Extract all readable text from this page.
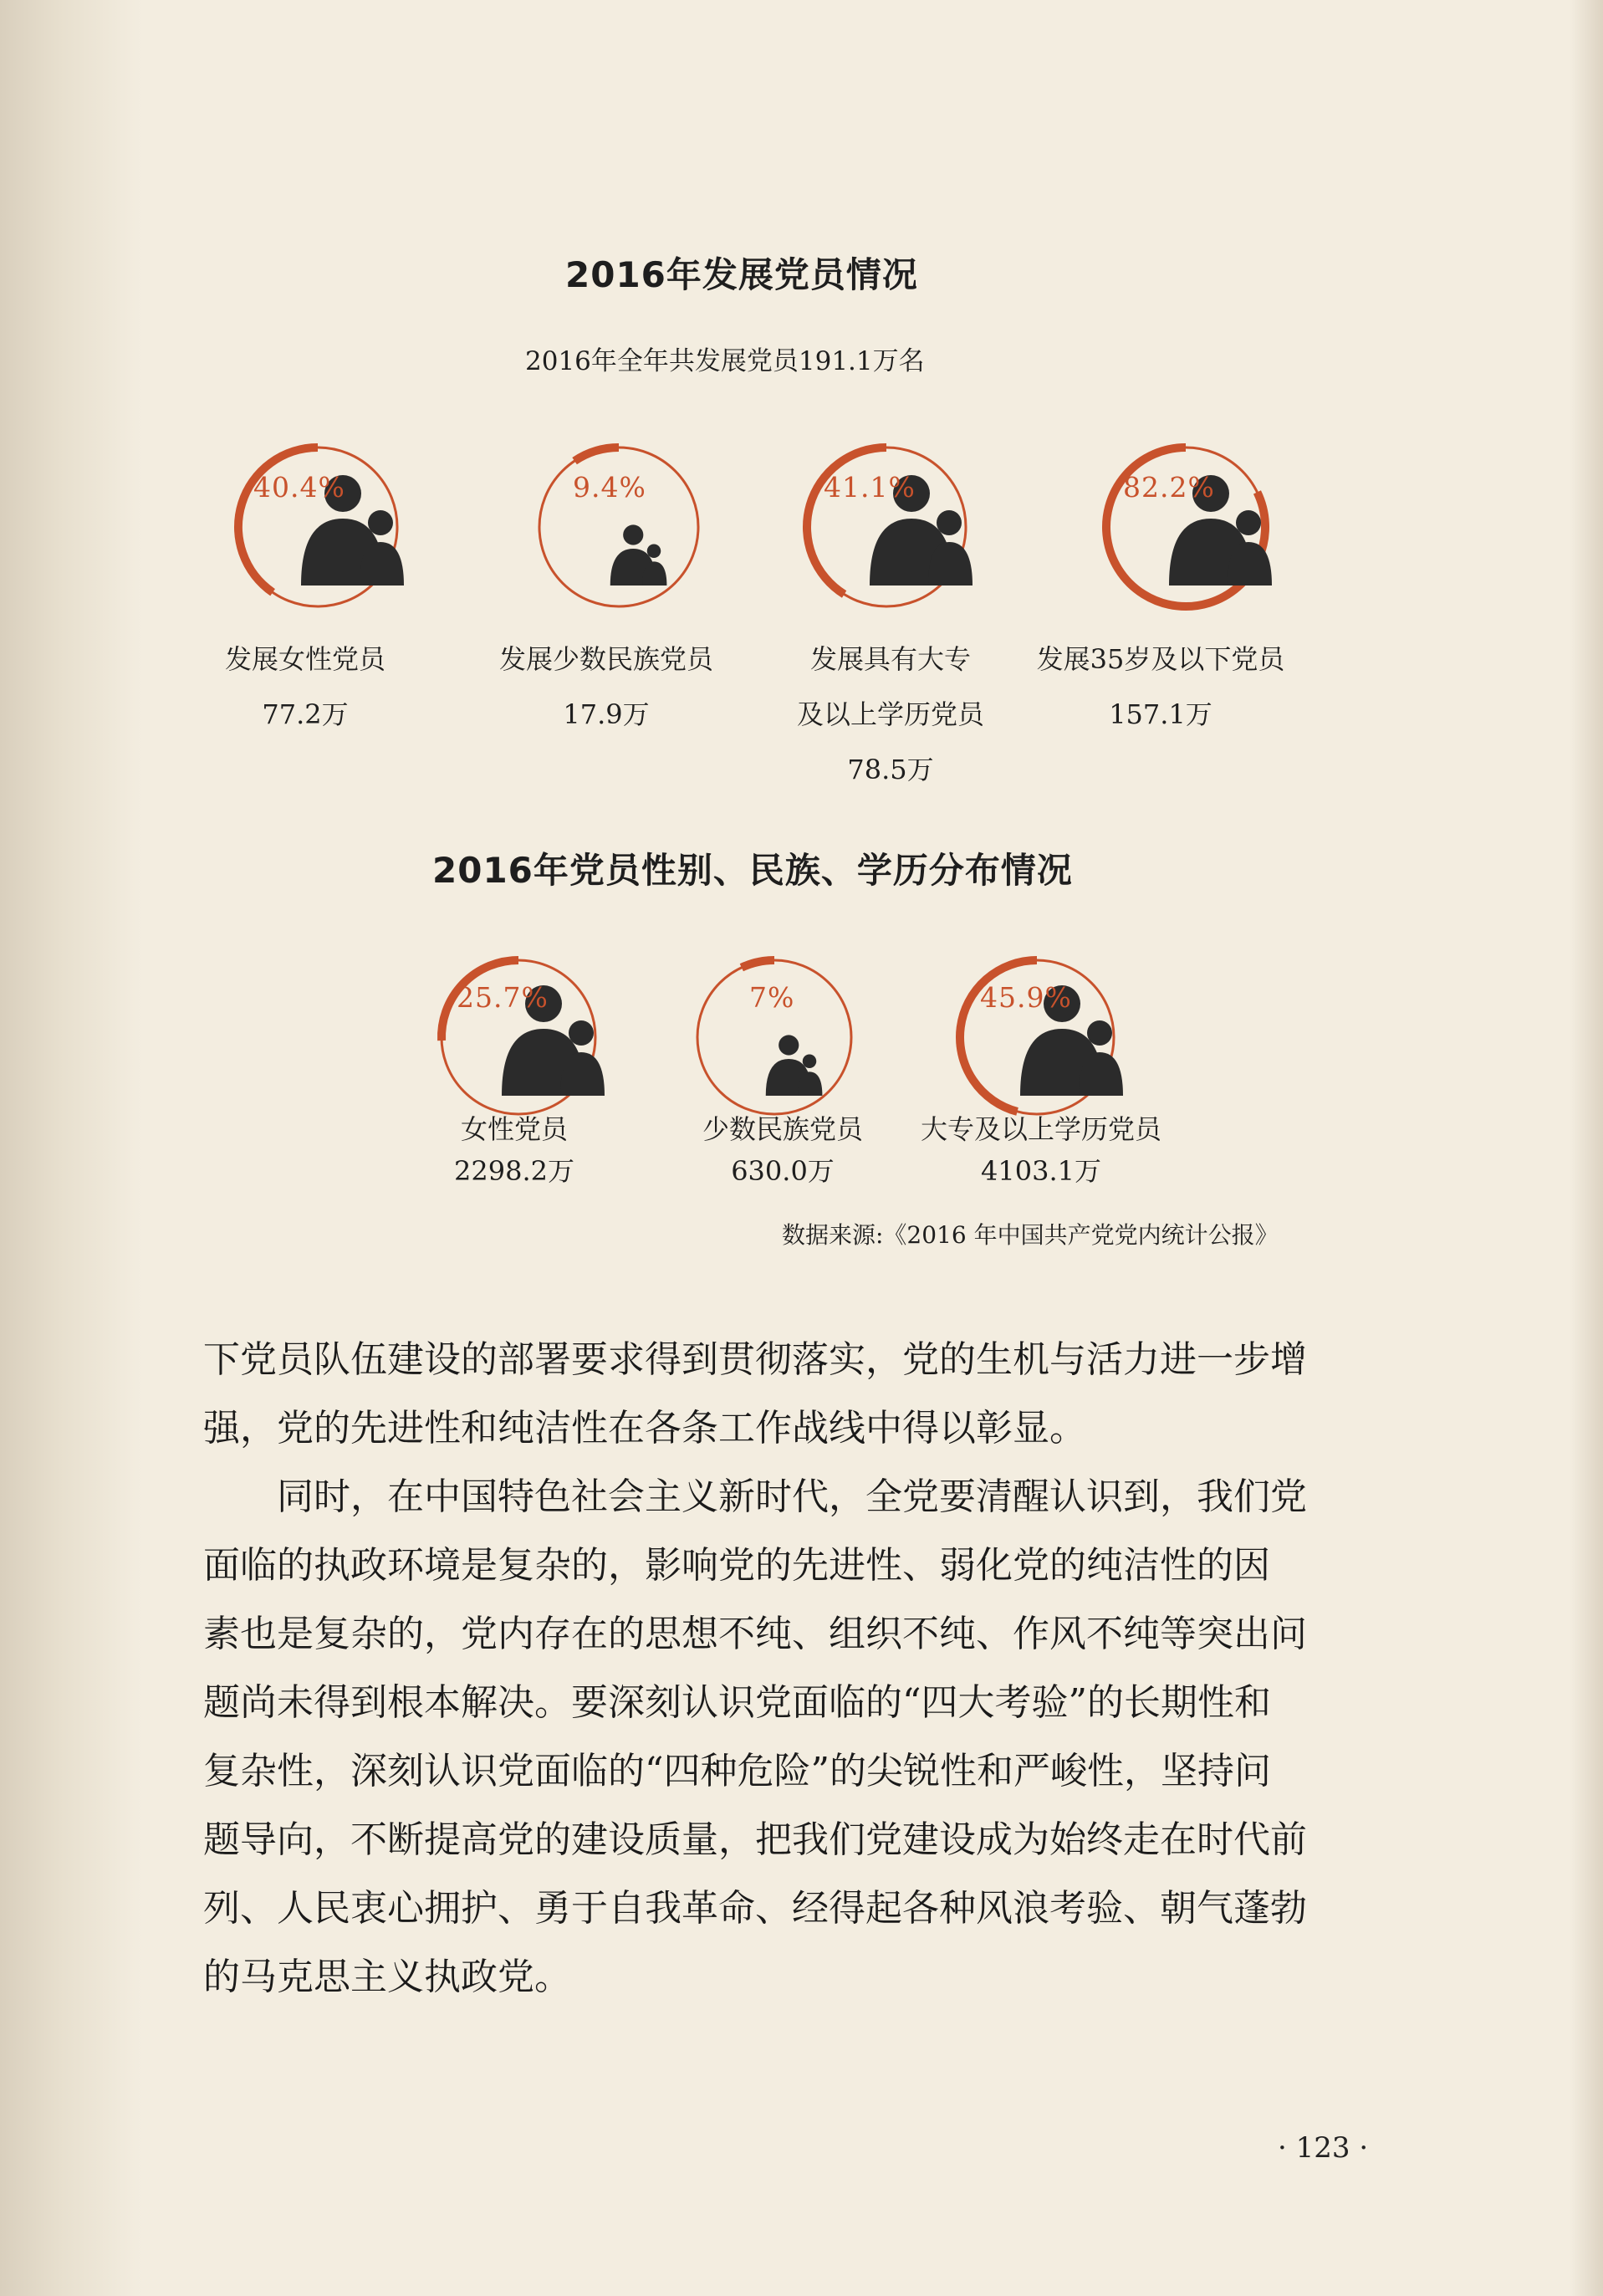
2016年发展党员情况
2016年全年共发展党员191.1万名
40.4%
发展女性党员
77.2万
9.4%
发展少数民族党员
17.9万
41.1%
发展具有大专
及以上学历党员
78.5万
82.2%
发展35岁及以下党员
157.1万
2016年党员性别、民族、学历分布情况
25.7%
女性党员
2298.2万
7%
少数民族党员
630.0万
45.9%
大专及以上学历党员
4103.1万
数据来源:《2016 年中国共产党党内统计公报》

下党员队伍建设的部署要求得到贯彻落实，党的生机与活力进一步增

强，党的先进性和纯洁性在各条工作战线中得以彰显。

同时，在中国特色社会主义新时代，全党要清醒认识到，我们党

面临的执政环境是复杂的，影响党的先进性、弱化党的纯洁性的因

素也是复杂的，党内存在的思想不纯、组织不纯、作风不纯等突出问

题尚未得到根本解决。要深刻认识党面临的“四大考验”的长期性和

复杂性，深刻认识党面临的“四种危险”的尖锐性和严峻性，坚持问

题导向，不断提高党的建设质量，把我们党建设成为始终走在时代前

列、人民衷心拥护、勇于自我革命、经得起各种风浪考验、朝气蓬勃

的马克思主义执政党。

· 123 ·
